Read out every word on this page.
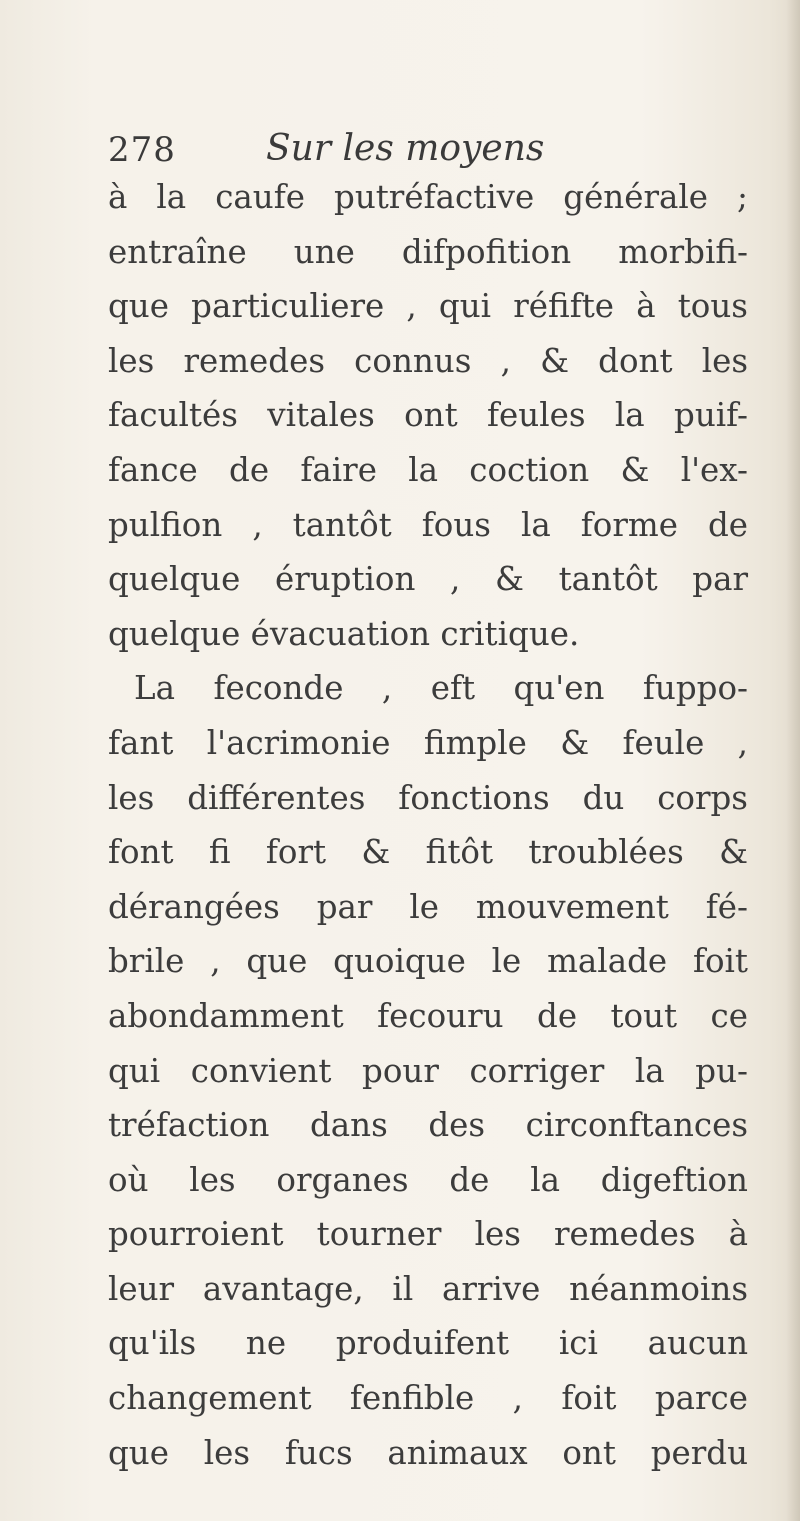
278	Sur les moyens
à la caufe putréfactive générale ;
entraîne une difpofition morbifi-
que particuliere , qui réfifte à tous
les remedes connus , & dont les
facultés vitales ont feules la puif-
fance de faire la coction & l'ex-
pulfion , tantôt fous la forme de
quelque éruption , & tantôt par
quelque évacuation critique.
La feconde , eft qu'en fuppo-
fant l'acrimonie fimple & feule ,
les différentes fonctions du corps
font fi fort & fitôt troublées &
dérangées par le mouvement fé-
brile , que quoique le malade foit
abondamment fecouru de tout ce
qui convient pour corriger la pu-
tréfaction dans des circonftances
où les organes de la digeftion
pourroient tourner les remedes à
leur avantage, il arrive néanmoins
qu'ils ne produifent ici aucun
changement fenfible , foit parce
que les fucs animaux ont perdu
